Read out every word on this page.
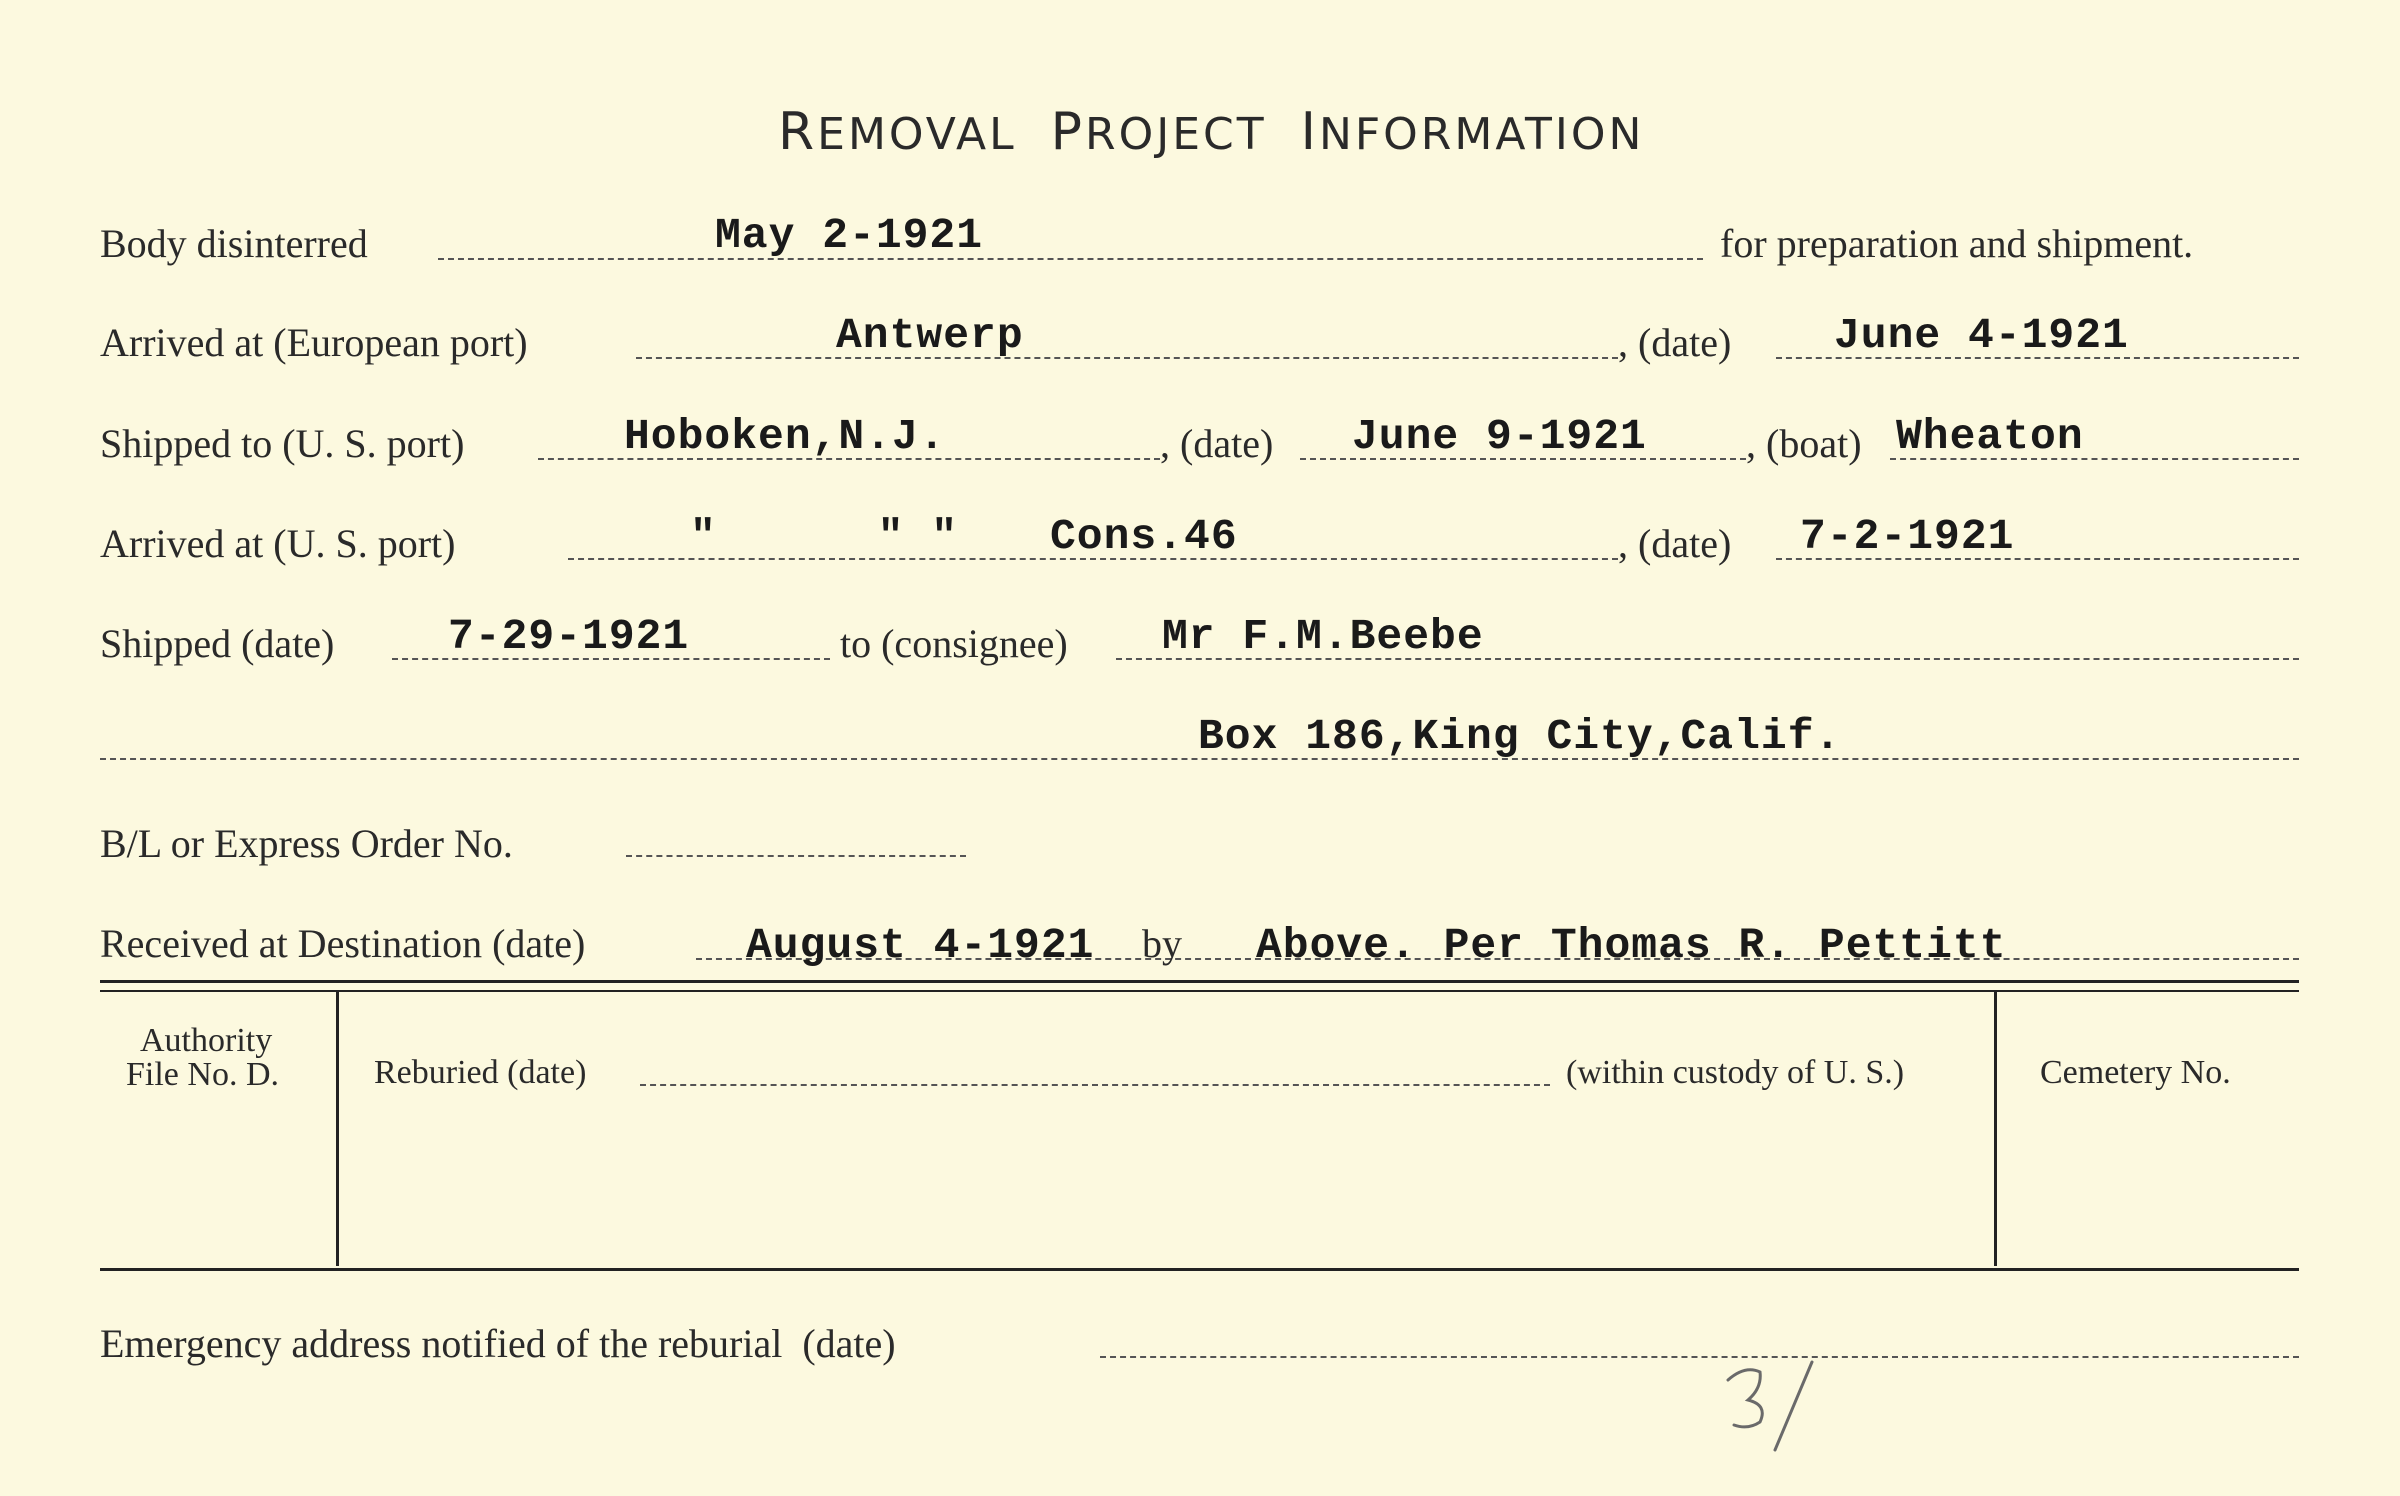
REMOVAL PROJECT INFORMATION
Body disinterred	May 2-1921	for preparation and shipment.
Arrived at (European port)	Antwerp	, (date) June 4-1921
Shipped to (U. S. port)	Hoboken,N.J.	, (date) June 9-1921 , (boat) Wheaton
Arrived at (U. S. port)	"      " " Cons.46	, (date) 7-2-1921
Shipped (date)	7-29-1921	to (consignee) Mr F.M.Beebe
Box 186,King City,Calif.
B/L or Express Order No.
Received at Destination (date)	August 4-1921 by Above. Per Thomas R. Pettitt
Authority
File No. D.	Reburied (date)	(within custody of U. S.)	Cemetery No.
Emergency address notified of the reburial  (date)
